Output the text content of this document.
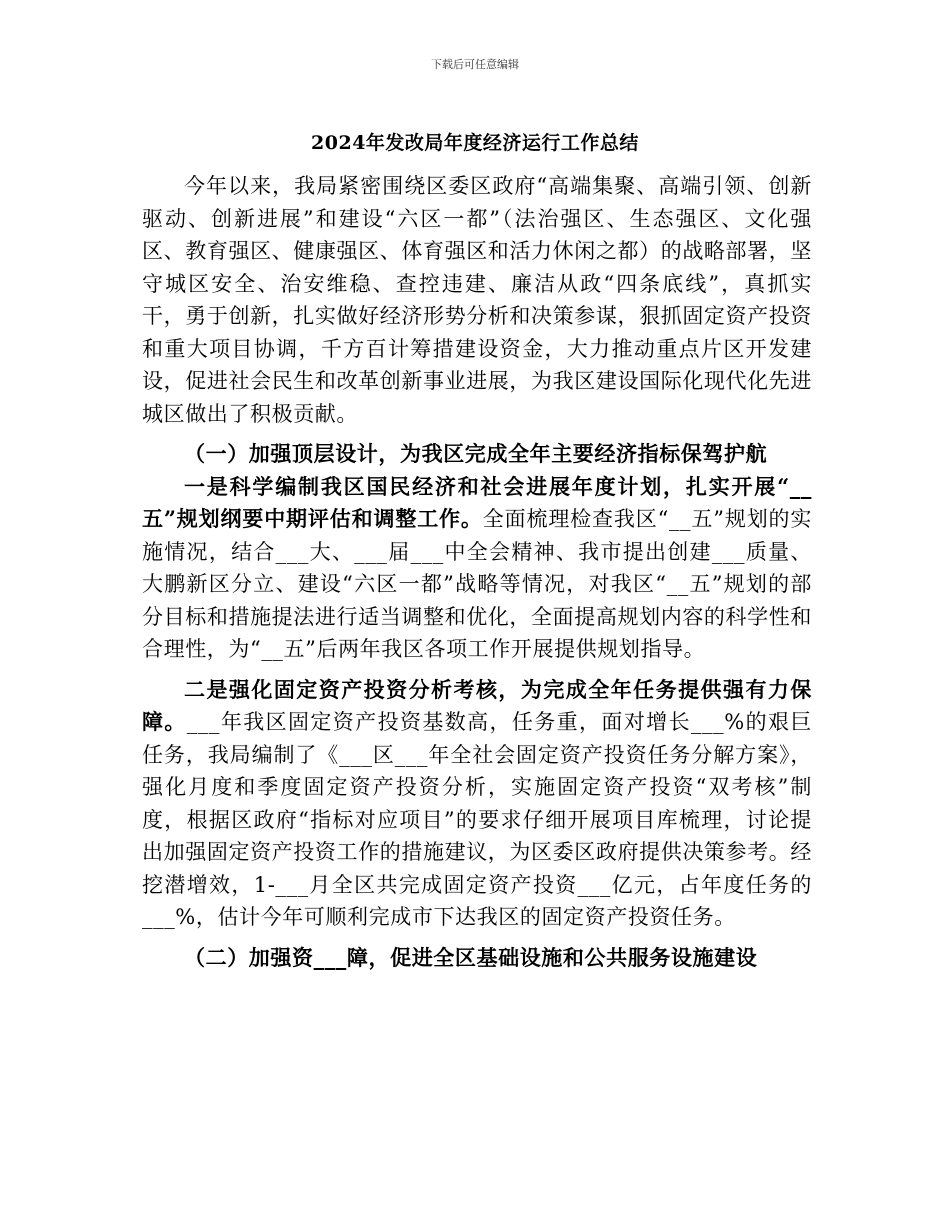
下载后可任意编辑
2024年发改局年度经济运行工作总结

今年以来，我局紧密围绕区委区政府“高端集聚、高端引领、创新驱动、创新进展”和建设“六区一都”（法治强区、生态强区、文化强区、教育强区、健康强区、体育强区和活力休闲之都）的战略部署，坚守城区安全、治安维稳、查控违建、廉洁从政“四条底线”，真抓实干，勇于创新，扎实做好经济形势分析和决策参谋，狠抓固定资产投资和重大项目协调，千方百计筹措建设资金，大力推动重点片区开发建设，促进社会民生和改革创新事业进展，为我区建设国际化现代化先进城区做出了积极贡献。

（一）加强顶层设计，为我区完成全年主要经济指标保驾护航

一是科学编制我区国民经济和社会进展年度计划，扎实开展“__五”规划纲要中期评估和调整工作。全面梳理检查我区“__五”规划的实施情况，结合___大、___届___中全会精神、我市提出创建___质量、大鹏新区分立、建设“六区一都”战略等情况，对我区“__五”规划的部分目标和措施提法进行适当调整和优化，全面提高规划内容的科学性和合理性，为“__五”后两年我区各项工作开展提供规划指导。

二是强化固定资产投资分析考核，为完成全年任务提供强有力保障。___年我区固定资产投资基数高，任务重，面对增长___%的艰巨任务，我局编制了《___区___年全社会固定资产投资任务分解方案》，强化月度和季度固定资产投资分析，实施固定资产投资“双考核”制度，根据区政府“指标对应项目”的要求仔细开展项目库梳理，讨论提出加强固定资产投资工作的措施建议，为区委区政府提供决策参考。经挖潜增效，1-___月全区共完成固定资产投资___亿元，占年度任务的___%，估计今年可顺利完成市下达我区的固定资产投资任务。

（二）加强资___障，促进全区基础设施和公共服务设施建设
